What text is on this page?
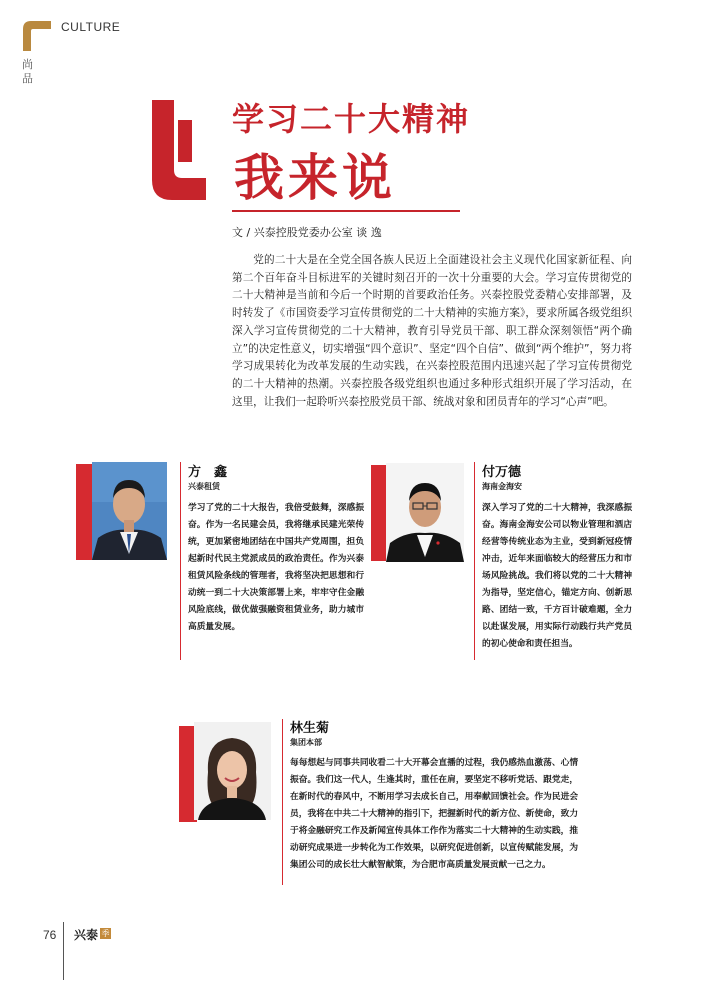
CULTURE
尚品
学习二十大精神
我来说
文 / 兴泰控股党委办公室 谈 逸

党的二十大是在全党全国各族人民迈上全面建设社会主义现代化国家新征程、向第二个百年奋斗目标进军的关键时刻召开的一次十分重要的大会。学习宣传贯彻党的二十大精神是当前和今后一个时期的首要政治任务。兴泰控股党委精心安排部署，及时转发了《市国资委学习宣传贯彻党的二十大精神的实施方案》，要求所属各级党组织深入学习宣传贯彻党的二十大精神，教育引导党员干部、职工群众深刻领悟“两个确立”的决定性意义，切实增强“四个意识”、坚定“四个自信”、做到“两个维护”，努力将学习成果转化为改革发展的生动实践，在兴泰控股范围内迅速兴起了学习宣传贯彻党的二十大精神的热潮。兴泰控股各级党组织也通过多种形式组织开展了学习活动，在这里，让我们一起聆听兴泰控股党员干部、统战对象和团员青年的学习“心声”吧。

方　鑫
兴泰租赁

学习了党的二十大报告，我倍受鼓舞，深感振奋。作为一名民建会员，我将继承民建光荣传统，更加紧密地团结在中国共产党周围，担负起新时代民主党派成员的政治责任。作为兴泰租赁风险条线的管理者，我将坚决把思想和行动统一到二十大决策部署上来，牢牢守住金融风险底线，做优做强融资租赁业务，助力城市高质量发展。

付万德
海南金海安

深入学习了党的二十大精神，我深感振奋。海南金海安公司以物业管理和酒店经营等传统业态为主业，受到新冠疫情冲击，近年来面临较大的经营压力和市场风险挑战。我们将以党的二十大精神为指导，坚定信心，锚定方向、创新思路、团结一致，千方百计破难题，全力以赴谋发展，用实际行动践行共产党员的初心使命和责任担当。

林生菊
集团本部

每每想起与同事共同收看二十大开幕会直播的过程，我仍感热血激荡、心情振奋。我们这一代人，生逢其时，重任在肩，要坚定不移听党话、跟党走，在新时代的春风中，不断用学习去成长自己，用奉献回馈社会。作为民进会员，我将在中共二十大精神的指引下，把握新时代的新方位、新使命，致力于将金融研究工作及新闻宣传具体工作作为落实二十大精神的生动实践，推动研究成果进一步转化为工作效果，以研究促进创新，以宣传赋能发展，为集团公司的成长壮大献智献策，为合肥市高质量发展贡献一己之力。

76 兴泰 季
